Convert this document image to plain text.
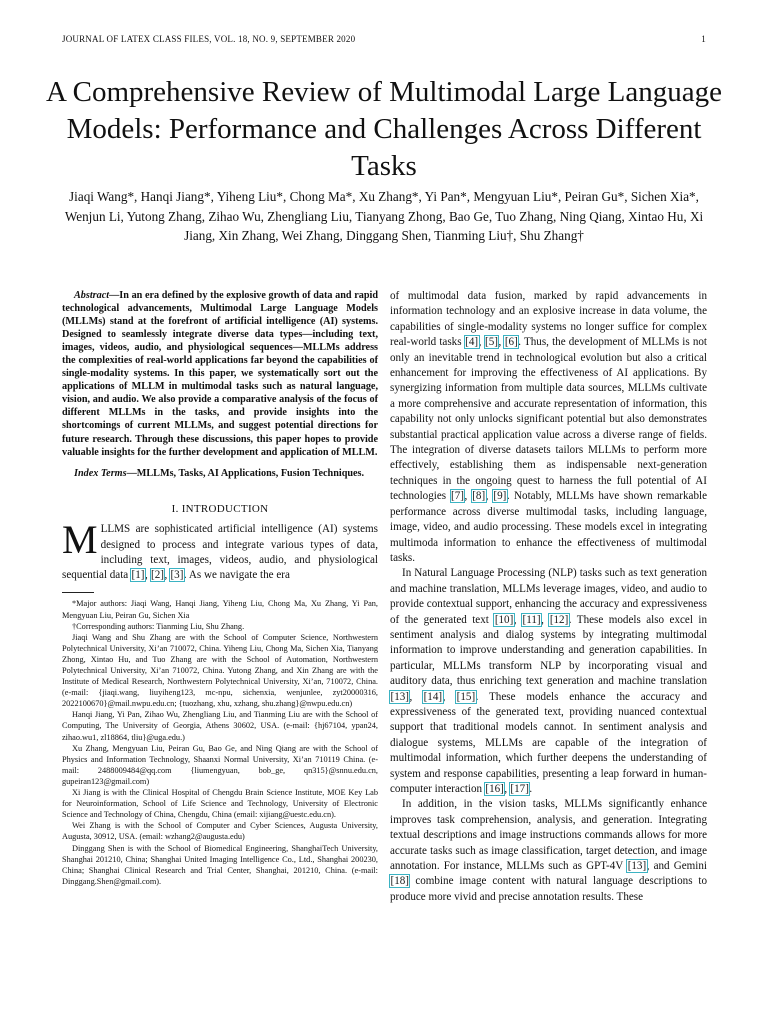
JOURNAL OF LATEX CLASS FILES, VOL. 18, NO. 9, SEPTEMBER 2020	1
A Comprehensive Review of Multimodal Large Language Models: Performance and Challenges Across Different Tasks
Jiaqi Wang*, Hanqi Jiang*, Yiheng Liu*, Chong Ma*, Xu Zhang*, Yi Pan*, Mengyuan Liu*, Peiran Gu*, Sichen Xia*, Wenjun Li, Yutong Zhang, Zihao Wu, Zhengliang Liu, Tianyang Zhong, Bao Ge, Tuo Zhang, Ning Qiang, Xintao Hu, Xi Jiang, Xin Zhang, Wei Zhang, Dinggang Shen, Tianming Liu†, Shu Zhang†

Abstract—In an era defined by the explosive growth of data and rapid technological advancements, Multimodal Large Language Models (MLLMs) stand at the forefront of artificial intelligence (AI) systems. Designed to seamlessly integrate diverse data types—including text, images, videos, audio, and physiological sequences—MLLMs address the complexities of real-world applications far beyond the capabilities of single-modality systems. In this paper, we systematically sort out the applications of MLLM in multimodal tasks such as natural language, vision, and audio. We also provide a comparative analysis of the focus of different MLLMs in the tasks, and provide insights into the shortcomings of current MLLMs, and suggest potential directions for future research. Through these discussions, this paper hopes to provide valuable insights for the further development and application of MLLM.

Index Terms—MLLMs, Tasks, AI Applications, Fusion Techniques.

I. INTRODUCTION

MLLMS are sophisticated artificial intelligence (AI) systems designed to process and integrate various types of data, including text, images, videos, audio, and physiological sequential data [1], [2], [3]. As we navigate the era

*Major authors: Jiaqi Wang, Hanqi Jiang, Yiheng Liu, Chong Ma, Xu Zhang, Yi Pan, Mengyuan Liu, Peiran Gu, Sichen Xia

†Corresponding authors: Tianming Liu, Shu Zhang.

Jiaqi Wang and Shu Zhang are with the School of Computer Science, Northwestern Polytechnical University, Xi’an 710072, China. Yiheng Liu, Chong Ma, Sichen Xia, Tianyang Zhong, Xintao Hu, and Tuo Zhang are with the School of Automation, Northwestern Polytechnical University, Xi’an 710072, China. Yutong Zhang, and Xin Zhang are with the Institute of Medical Research, Northwestern Polytechnical University, Xi’an, 710072, China. (e-mail: {jiaqi.wang, liuyiheng123, mc-npu, sichenxia, wenjunlee, zyt20000316, 2022100670}@mail.nwpu.edu.cn; {tuozhang, xhu, xzhang, shu.zhang}@nwpu.edu.cn)

Hanqi Jiang, Yi Pan, Zihao Wu, Zhengliang Liu, and Tianming Liu are with the School of Computing, The University of Georgia, Athens 30602, USA. (e-mail: {hj67104, ypan24, zihao.wu1, zl18864, tliu}@uga.edu.)

Xu Zhang, Mengyuan Liu, Peiran Gu, Bao Ge, and Ning Qiang are with the School of Physics and Information Technology, Shaanxi Normal University, Xi’an 710119 China. (e-mail: 2488009484@qq.com {liumengyuan, bob_ge, qn315}@snnu.edu.cn, gupeiran123@gmail.com)

Xi Jiang is with the Clinical Hospital of Chengdu Brain Science Institute, MOE Key Lab for Neuroinformation, School of Life Science and Technology, University of Electronic Science and Technology of China, Chengdu, China (email: xijiang@uestc.edu.cn).

Wei Zhang is with the School of Computer and Cyber Sciences, Augusta University, Augusta, 30912, USA. (email: wzhang2@augusta.edu)

Dinggang Shen is with the School of Biomedical Engineering, ShanghaiTech University, Shanghai 201210, China; Shanghai United Imaging Intelligence Co., Ltd., Shanghai 200230, China; Shanghai Clinical Research and Trial Center, Shanghai, 201210, China. (e-mail: Dinggang.Shen@gmail.com).

of multimodal data fusion, marked by rapid advancements in information technology and an explosive increase in data volume, the capabilities of single-modality systems no longer suffice for complex real-world tasks [4], [5], [6]. Thus, the development of MLLMs is not only an inevitable trend in technological evolution but also a critical enhancement for improving the effectiveness of AI applications. By synergizing information from multiple data sources, MLLMs cultivate a more comprehensive and accurate representation of information, this capability not only unlocks significant potential but also demonstrates substantial practical application value across a diverse range of fields. The integration of diverse datasets tailors MLLMs to perform more effectively, establishing them as indispensable next-generation techniques in the ongoing quest to harness the full potential of AI technologies [7], [8], [9]. Notably, MLLMs have shown remarkable performance across diverse multimodal tasks, including language, image, video, and audio processing. These models excel in integrating multimoda information to enhance the effectiveness of multimodal tasks.

In Natural Language Processing (NLP) tasks such as text generation and machine translation, MLLMs leverage images, video, and audio to provide contextual support, enhancing the accuracy and expressiveness of the generated text [10], [11], [12]. These models also excel in sentiment analysis and dialog systems by integrating multimodal information to improve understanding and generation capabilities. In particular, MLLMs transform NLP by incorporating visual and auditory data, thus enriching text generation and machine translation [13], [14], [15]. These models enhance the accuracy and expressiveness of the generated text, providing nuanced contextual support that traditional models cannot. In sentiment analysis and dialogue systems, MLLMs are capable of the integration of multimodal information, which further deepens the understanding of system and response capabilities, presenting a leap forward in human-computer interaction [16], [17].

In addition, in the vision tasks, MLLMs significantly enhance improves task comprehension, analysis, and generation. Integrating textual descriptions and image instructions commands allows for more accurate tasks such as image classification, target detection, and image annotation. For instance, MLLMs such as GPT-4V [13], and Gemini [18] combine image content with natural language descriptions to produce more vivid and precise annotation results. These
